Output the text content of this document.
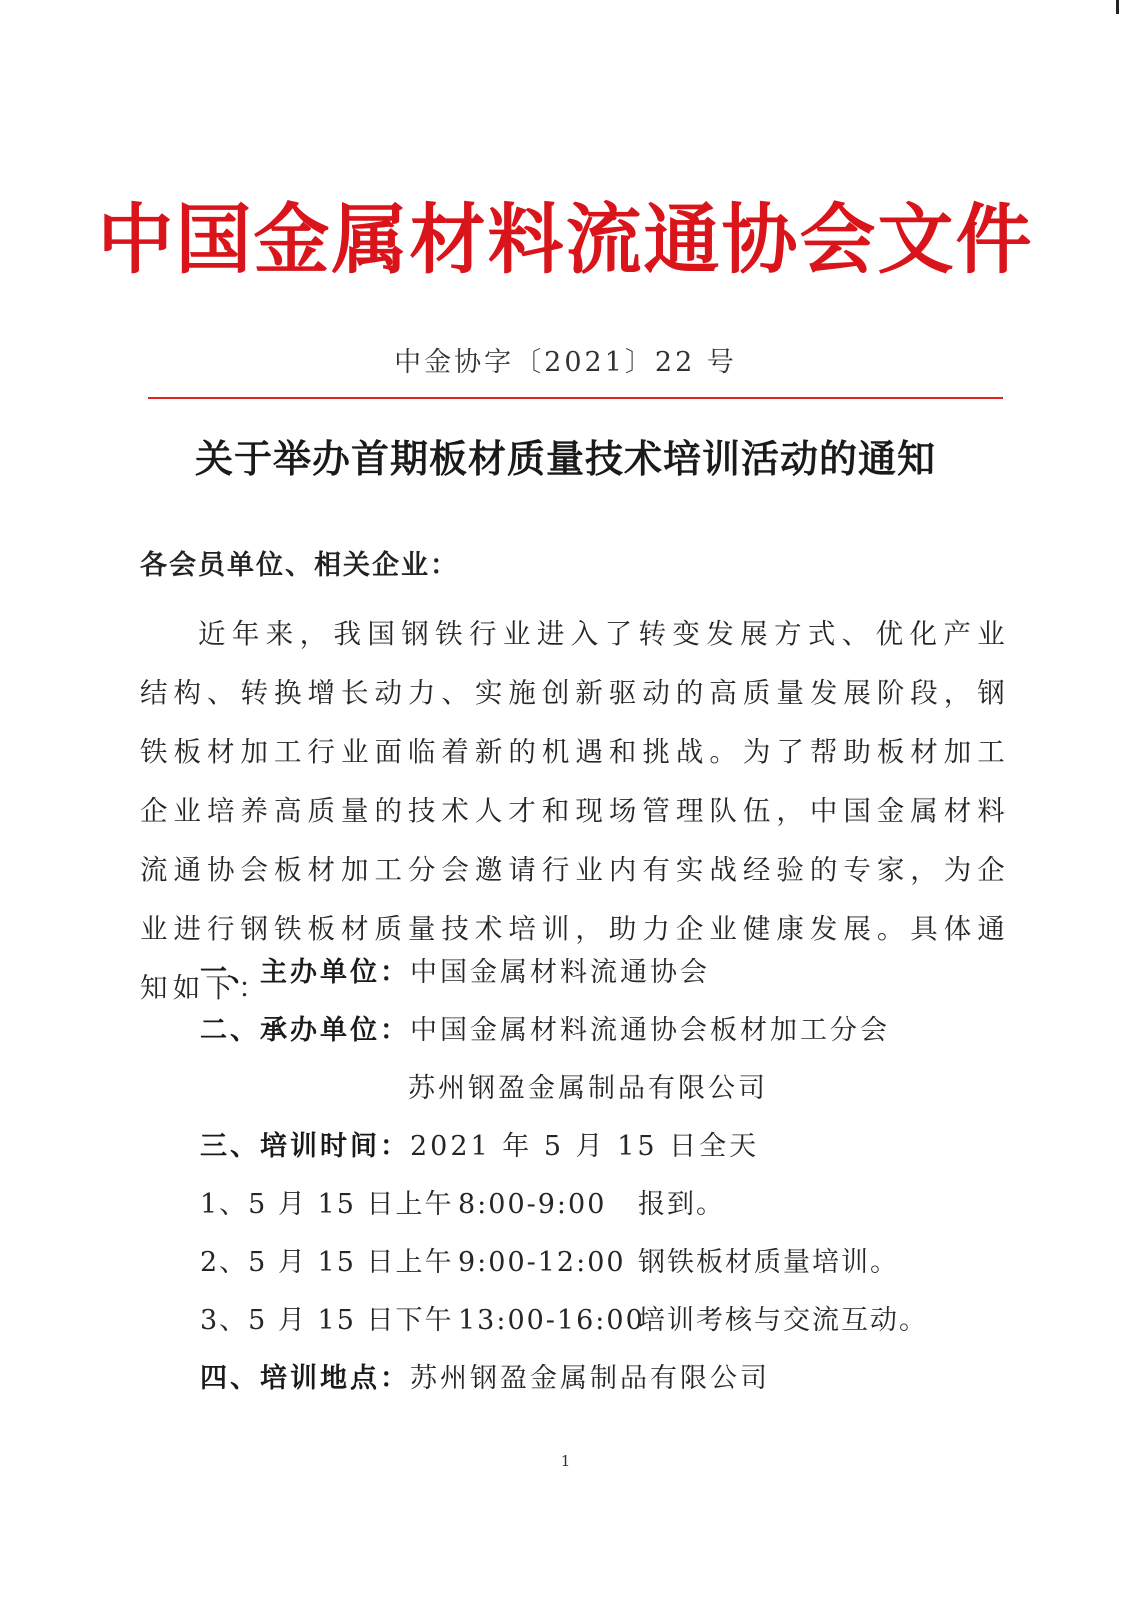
中国金属材料流通协会文件
中金协字〔2021〕22 号
关于举办首期板材质量技术培训活动的通知
各会员单位、相关企业：
近年来，我国钢铁行业进入了转变发展方式、优化产业结构、转换增长动力、实施创新驱动的高质量发展阶段，钢铁板材加工行业面临着新的机遇和挑战。为了帮助板材加工企业培养高质量的技术人才和现场管理队伍，中国金属材料流通协会板材加工分会邀请行业内有实战经验的专家，为企业进行钢铁板材质量技术培训，助力企业健康发展。具体通知如下：
一、主办单位：中国金属材料流通协会
二、承办单位：中国金属材料流通协会板材加工分会
苏州钢盈金属制品有限公司
三、培训时间：2021 年 5 月 15 日全天
1、5 月 15 日上午 8:00-9:00 报到。
2、5 月 15 日上午 9:00-12:00 钢铁板材质量培训。
3、5 月 15 日下午 13:00-16:00培训考核与交流互动。
四、培训地点：苏州钢盈金属制品有限公司
1
